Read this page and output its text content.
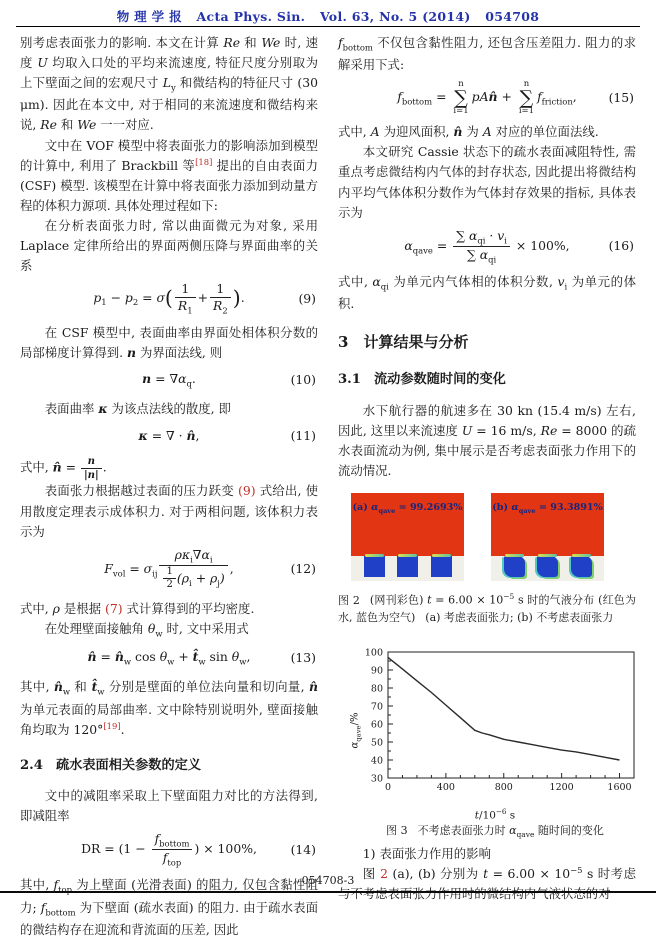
物 理 学 报 Acta Phys. Sin. Vol. 63, No. 5 (2014) 054708

别考虑表面张力的影响. 本文在计算 Re 和 We 时, 速度 U 均取入口处的平均来流速度, 特征尺度分别取为上下壁面之间的宏观尺寸 $L_y$ 和微结构的特征尺寸 (30 μm). 因此在本文中, 对于相同的来流速度和微结构来说, Re 和 We 一一对应.

文中在 VOF 模型中将表面张力的影响添加到模型的计算中, 利用了 Brackbill 等[18] 提出的自由表面力 (CSF) 模型. 该模型在计算中将表面张力添加到动量方程的体积力源项. 具体处理过程如下:

在分析表面张力时, 常以曲面微元为对象, 采用 Laplace 定律所给出的界面两侧压降与界面曲率的关系

$p_1 - p_2 = \sigma( \frac{1}{R_1} + \frac{1}{R_2}$ ).	(9)

在 CSF 模型中, 表面曲率由界面处相体积分数的局部梯度计算得到. n 为界面法线, 则

$n = \nabla\alpha_q$.	(10)

表面曲率 κ 为该点法线的散度, 即

κ = ∇ · n̂,	(11)

式中, n̂ = $\frac{n}{|n|}$ .

表面张力根据越过表面的压力跃变 (9) 式给出, 使用散度定理表示成体积力. 对于两相问题, 该体积力表示为

$F_{vol} = \sigma_{ij} \frac{\rho\kappa_i\nabla\alpha_i}{\frac{1}{2} (\rho_i + \rho_j)}$ ,	(12)

式中, ρ 是根据 (7) 式计算得到的平均密度.

在处理壁面接触角 $\theta_w$ 时, 文中采用式

n̂ = $n̂_w$ $\cos \theta_w$ + $t̂_w$ $\sin \theta_w$,	(13)

其中, $n̂_w$ 和 $t̂_w$ 分别是壁面的单位法向量和切向量, n̂ 为单元表面的局部曲率. 文中除特别说明外, 壁面接触角均取为 120°[19].

2.4 疏水表面相关参数的定义

文中的减阻率采取上下壁面阻力对比的方法得到, 即减阻率

DR = ($1 - \frac{f_{bottom}}{f_{top}}$ ) × 100%,	(14)

其中, $f_{top}$ 为上壁面 (光滑表面) 的阻力, 仅包含黏性阻力; $f_{bottom}$ 为下壁面 (疏水表面) 的阻力. 由于疏水表面的微结构存在迎流和背流面的压差, 因此

$f_{bottom}$ 不仅包含黏性阻力, 还包含压差阻力. 阻力的求解采用下式:

$f_{bottom}$ =
n
∑
i=1
pAn̂ +
n
∑
i=1
$f_{friction}$,	(15)

式中, A 为迎风面积, n̂ 为 A 对应的单位面法线.

本文研究 Cassie 状态下的疏水表面减阻特性, 需重点考虑微结构内气体的封存状态, 因此提出将微结构内平均气体体积分数作为气体封存效果的指标, 具体表示为

$\alpha_{qave} = \frac{\sum \alpha_{qi} \cdot v_i}{\sum \alpha_{qi}} \times 100\%$,	(16)

式中, $\alpha_{qi}$ 为单元内气体相的体积分数, $v_i$ 为单元的体积.

3 计算结果与分析
3.1 流动参数随时间的变化

水下航行器的航速多在 30 kn (15.4 m/s) 左右, 因此, 这里以来流速度 U = 16 m/s, Re = 8000 的疏水表面流动为例, 集中展示是否考虑表面张力作用下的流动情况.

(a) $\alpha_{qave} = 99.2693\%$	(b) $\alpha_{qave} = 93.3891\%$
图 2 (网刊彩色) $t = 6.00 \times 10^{-5}$ s 时的气液分布 (红色为水, 蓝色为空气) (a) 考虑表面张力; (b) 不考虑表面张力
$\alpha_{qave}/\%$
0	400	800	1200	1600
30
40
50
60
70
80
90
100
$t/10^{-6}$ s
图 3 不考虑表面张力时 $\alpha_{qave}$ 随时间的变化

1) 表面张力作用的影响

图 2 (a), (b) 分别为 $t = 6.00 \times 10^{-5}$ s 时考虑与不考虑表面张力作用时的微结构内气液状态的对

054708-3
